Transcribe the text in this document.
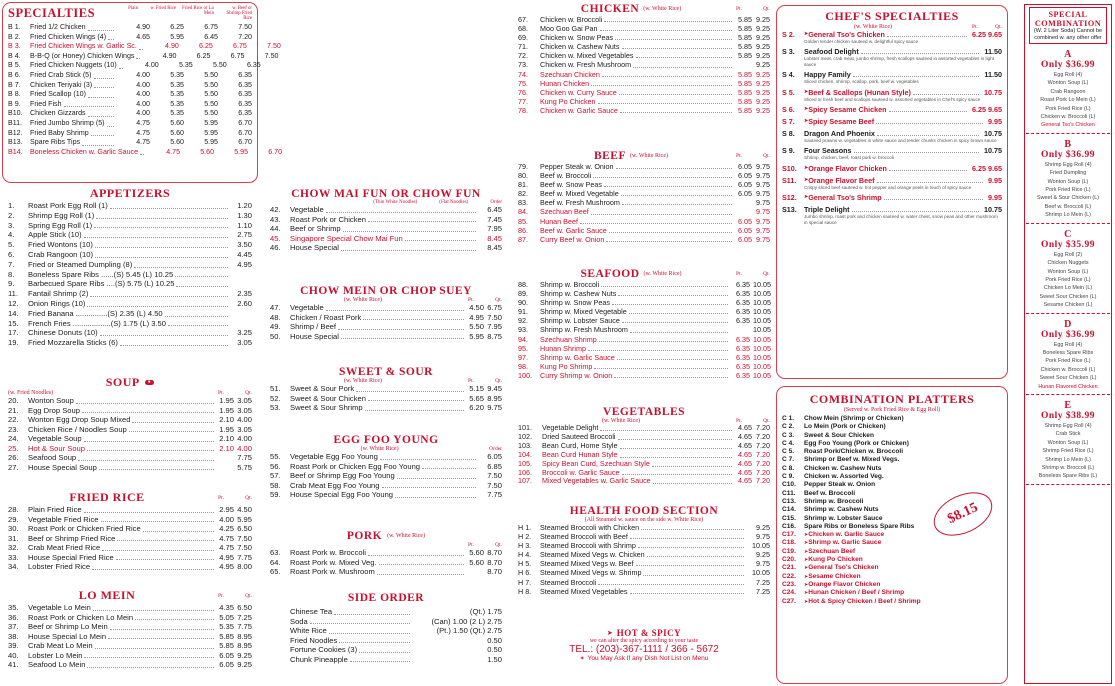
SPECIALTIES	Plain	w. Fried Rice	Fried Rice or Lo Mein
w. Beef or Shrimp Fried Rice
B 1.	Fried 1/2 Chicken	4.90	6.25	6.75	7.50
B 2.	Fried Chicken Wings (4)	4.65	5.95	6.45	7.20
B 3.	Fried Chicken Wings w. Garlic Sc.	4.90	6.25	6.75	7.50
B 4.	B-B-Q (or Honey) Chicken Wings	4.90	6.25	6.75	7.50
B 5.	Fried Chicken Nuggets (10)	4.00	5.35	5.50	6.35
B 6.	Fried Crab Stick (5)	4.00	5.35	5.50	6.35
B 7.	Chicken Teriyaki (3)	4.00	5.35	5.50	6.35
B 8.	Fried Scallop (10)	4.00	5.35	5.50	6.35
B 9.	Fried Fish	4.00	5.35	5.50	6.35
B10.	Chicken Gizzards	4.00	5.35	5.50	6.35
B11.	Fried Jumbo Shrimp (5)	4.75	5.60	5.95	6.70
B12.	Fried Baby Shrimp	4.75	5.60	5.95	6.70
B13.	Spare Ribs Tips	4.75	5.60	5.95	6.70
B14.	Boneless Chicken w. Garlic Sauce	4.75	5.60	5.95	6.70
APPETIZERS
1.	Roast Pork Egg Roll (1)	1.20
2.	Shrimp Egg Roll (1)	1.30
3.	Spring Egg Roll (1)	1.10
4.	Apple Stick (10)	2.75
5.	Fried Wontons (10)	3.50
6.	Crab Rangoon (10)	4.45
7.	Fried or Steamed Dumpling (8)	4.95
8.	Boneless Spare Ribs ......(S) 5.45 (L) 10.25
9.	Barbecued Spare Ribs ....(S) 5.75 (L) 10.25
11.	Fantail Shrimp (2)	2.35
12.	Onion Rings (10)	2.60
14.	Fried Banana ...............(S) 2.35 (L) 4.50
15.	French Fries ..................(S) 1.75 (L) 3.50
17.	Chinese Donuts (10)	3.25
19.	Fried Mozzarella Sticks (6)	3.05
SOUP	●
(w. Fried Noodles)	Pt.	Qt.
20.	Wonton Soup	1.95 3.05
21.	Egg Drop Soup	1.95 3.05
22.	Wonton Egg Drop Soup Mixed	2.10 4.00
23.	Chicken Rice / Noodles Soup	1.95 3.05
24.	Vegetable Soup	2.10 4.00
25.	Hot & Sour Soup	2.10 4.00
26.	Seafood Soup	7.75
27.	House Special Soup	5.75
FRIED RICE	Pt.	Qt.
28.	Plain Fried Rice	2.95 4.50
29.	Vegetable Fried Rice	4.00 5.95
30.	Roast Pork or Chicken Fried Rice	4.25 6.50
31.	Beef or Shrimp Fried Rice	4.75 7.50
32.	Crab Meat Fried Rice	4.75 7.50
33.	House Special Fried Rice	4.95 7.75
34.	Lobster Fried Rice	4.95 8.00
LO MEIN	Pt.	Qt.
35.	Vegetable Lo Mein	4.35 6.50
36.	Roast Pork or Chicken Lo Mein	5.05 7.25
37.	Beef or Shrimp Lo Mein	5.35 7.75
38.	House Special Lo Mein	5.85 8.95
39.	Crab Meat Lo Mein	5.85 8.95
40.	Lobster Lo Mein	6.05 9.25
41.	Seafood Lo Mein	6.05 9.25
CHOW MAI FUN OR CHOW FUN
(Thin White Noodles)	(Flat Noodles)	Order
42.	Vegetable	6.45
43.	Roast Pork or Chicken	7.45
44.	Beef or Shrimp	7.95
45.	Singapore Special Chow Mai Fun	8.45
46.	House Special	8.45
CHOW MEIN OR CHOP SUEY
(w. White Rice)	Pt.	Qt.
47.	Vegetable	4.50 6.75
48.	Chicken / Roast Pork	4.95 7.50
49.	Shrimp / Beef	5.50 7.95
50.	House Special	5.95 8.75
SWEET & SOUR
(w. White Rice)	Pt.	Qt.
51.	Sweet & Sour Pork	5.15 9.45
52.	Sweet & Sour Chicken	5.65 8.95
53.	Sweet & Sour Shrimp	6.20 9.75
EGG FOO YOUNG
(w. White Rice)	Order
55.	Vegetable Egg Foo Young	6.05
56.	Roast Pork or Chicken Egg Foo Young	6.85
57.	Beef or Shrimp Egg Foo Young	7.50
58.	Crab Meat Egg Foo Young	7.50
59.	House Special Egg Foo Young	7.75
PORK (w. White Rice)
Pt.	Qt.
63.	Roast Pork w. Broccoli	5.60 8.70
64.	Roast Pork w. Mixed Veg.	5.60 8.70
65.	Roast Pork w. Mushroom	8.70
SIDE ORDER
Chinese Tea	(Qt.) 1.75
Soda	(Can) 1.00 (2 L) 2.75
White Rice	(Pt.) 1.50 (Qt.) 2.75
Fried Noodles	0.50
Fortune Cookies (3)	0.50
Chunk Pineapple	1.50
CHICKEN (w. White Rice)	Pt.	Qt.
67.	Chicken w. Broccoli	5.85 9.25
68.	Moo Goo Gai Pan	5.85 9.25
69.	Chicken w. Snow Peas	5.85 9.25
71.	Chicken w. Cashew Nuts	5.85 9.25
72.	Chicken w. Mixed Vegetables	5.85 9.25
73.	Chicken w. Fresh Mushroom	9.25
74.	Szechuan Chicken	5.85 9.25
75.	Hunan Chicken	5.85 9.25
76.	Chicken w. Curry Sauce	5.85 9.25
77.	Kung Po Chicken	5.85 9.25
78.	Chicken w. Garlic Sauce	5.85 9.25
BEEF (w. White Rice)	Pt.	Qt.
79.	Pepper Steak w. Onion	6.05 9.75
80.	Beef w. Broccoli	6.05 9.75
81.	Beef w. Snow Peas	6.05 9.75
82.	Beef w. Mixed Vegetable	6.05 9.75
83.	Beef w. Fresh Mushroom	9.75
84.	Szechuan Beef	9.75
85.	Hunan Beef	6.05 9.75
86.	Beef w. Garlic Sauce	6.05 9.75
87.	Curry Beef w. Onion	6.05 9.75
SEAFOOD (w. White Rice)	Pt.	Qt.
88.	Shrimp w. Broccoli	6.35 10.05
89.	Shrimp w. Cashew Nuts	6.35 10.05
90.	Shrimp w. Snow Peas	6.35 10.05
91.	Shrimp w. Mixed Vegetable	6.35 10.05
92.	Shrimp w. Lobster Sauce	6.35 10.05
93.	Shrimp w. Fresh Mushroom	10.05
94.	Szechuan Shrimp	6.35 10.05
95.	Hunan Shrimp	6.35 10.05
97.	Shrimp w. Garlic Sauce	6.35 10.05
98.	Kung Po Shrimp	6.35 10.05
100.	Curry Shrimp w. Onion	6.35 10.05
VEGETABLES
(w. White Rice)	Pt.	Qt.
101.	Vegetable Delight	4.65 7.20
102.	Dried Sauteed Broccoli	4.65 7.20
103.	Bean Curd, Home Style	4.65 7.20
104.	Bean Curd Hunan Style	4.65 7.20
105.	Spicy Bean Curd, Szechuan Style	4.65 7.20
106.	Broccoli w. Garlic Sauce	4.65 7.20
107.	Mixed Vegetables w. Garlic Sauce	4.65 7.20
HEALTH FOOD SECTION
(All Steamed w. sauce on the side w. White Rice)
H 1.	Steamed Broccoli with Chicken	9.25
H 2.	Steamed Broccoli with Beef	9.75
H 3.	Steamed Broccoli with Shrimp	10.05
H 4.	Steamed Mixed Vegs w. Chicken	9.25
H 5.	Steamed Mixed Vegs w. Beef	9.75
H 6.	Steamed Mixed Vegs w. Shrimp	10.05
H 7.	Steamed Broccoli	7.25
H 8.	Steamed Mixed Vegetables	7.25
➤ HOT & SPICY
we can alter the spicy according to your taste
TEL.: (203)-367-1111 / 366 - 5672
✶ You May Ask If any Dish Not List on Menu
CHEF'S SPECIALTIES
(w. White Rice)	Pt.	Qt.
S 2.	➤ General Tso's Chicken	6.25 9.65
Golden tender chicken sauteed w. delightful spicy sauce
S 3.	Seafood Delight	11.50
Lobster meat, crab meat, jumbo shrimp, fresh scallops sauteed in assorted vegetables in light sauce
S 4.	Happy Family	11.50
Sliced chicken, shrimp, scallop, pork, beef w. vegetables
S 5.	➤ Beef & Scallops (Hunan Style)	10.75
Sliced or fresh beef and scallops sauteed w. assorted vegetables in Chef's spicy sauce
S 6.	➤ Spicy Sesame Chicken	6.25 9.65
S 7.	➤ Spicy Sesame Beef	9.95
S 8.	Dragon And Phoenix	10.75
Sauteed prawns w. vegetables in white sauce and tender chunks chicken in spicy brown sauce
S 9.	Four Seasons	10.75
Shrimp, chicken, beef, roast pork w. broccoli
S10.	➤ Orange Flavor Chicken	6.25 9.65
S11.	➤ Orange Flavor Beef	9.95
Crispy sliced beef sauteed w. hot pepper and orange peels in touch of spicy sauce
S12.	➤ General Tso's Shrimp	9.95
S13.	Triple Delight	10.75
Jumbo shrimp, roast pork and chicken sauteed w. water chest, snow peas and other mushroom in special sauce
COMBINATION PLATTERS
(Served w. Pork Fried Rice & Egg Roll)
C 1.	Chow Mein (Shrimp or Chicken)
C 2.	Lo Mein (Pork or Chicken)
C 3.	Sweet & Sour Chicken
C 4.	Egg Foo Young (Pork or Chicken)
C 5.	Roast Pork/Chicken w. Broccoli
C 7.	Shrimp or Beef w. Mixed Vegs.
C 8.	Chicken w. Cashew Nuts
C 9.	Chicken w. Assorted Veg.
C10.	Pepper Steak w. Onion
C11.	Beef w. Broccoli
C13.	Shrimp w. Broccoli
C14.	Shrimp w. Cashew Nuts
C15.	Shrimp w. Lobster Sauce
C16.	Spare Ribs or Boneless Spare Ribs
C17.	➤ Chicken w. Garlic Sauce
C18.	➤ Shrimp w. Garlic Sauce
C19.	➤ Szechuan Beef
C20.	➤ Kung Po Chicken
C21.	➤ General Tso's Chicken
C22.	➤ Sesame Chicken
C23.	➤ Orange Flavor Chicken
C24.	➤ Hunan Chicken / Beef / Shrimp
C27.	➤ Hot & Spicy Chicken / Beef / Shrimp
$8.15
SPECIAL COMBINATION
(W. 2 Liter Soda) Cannot be combined w. any other offer
A
Only $36.99
Egg Roll (4)
Wonton Soup (L)
Crab Rangoon
Roast Pork Lo Mein (L)
Pork Fried Rice (L)
Chicken w. Broccoli (L)
General Tso's Chicken
B
Only $36.99
Shrimp Egg Roll (4)
Fried Dumpling
Wonton Soup (L)
Pork Fried Rice (L)
Sweet & Sour Chicken (L)
Beef w. Broccoli (L)
Shrimp Lo Mein (L)
C
Only $35.99
Egg Roll (2)
Chicken Nuggets
Wonton Soup (L)
Pork Fried Rice (L)
Chicken Lo Mein (L)
Sweet Sour Chicken (L)
Sesame Chicken (L)
D
Only $36.99
Egg Roll (4)
Boneless Spare Ribs
Pork Fried Rice (L)
Chicken w. Broccoli (L)
Sweet Sour Chicken (L)
Hunan Flavored Chicken
E
Only $38.99
Shrimp Egg Roll (4)
Crab Stick
Wonton Soup (L)
Shrimp Fried Rice (L)
Shrimp Lo Mein (L)
Shrimp w. Broccoli (L)
Boneless Spare Ribs (L)
